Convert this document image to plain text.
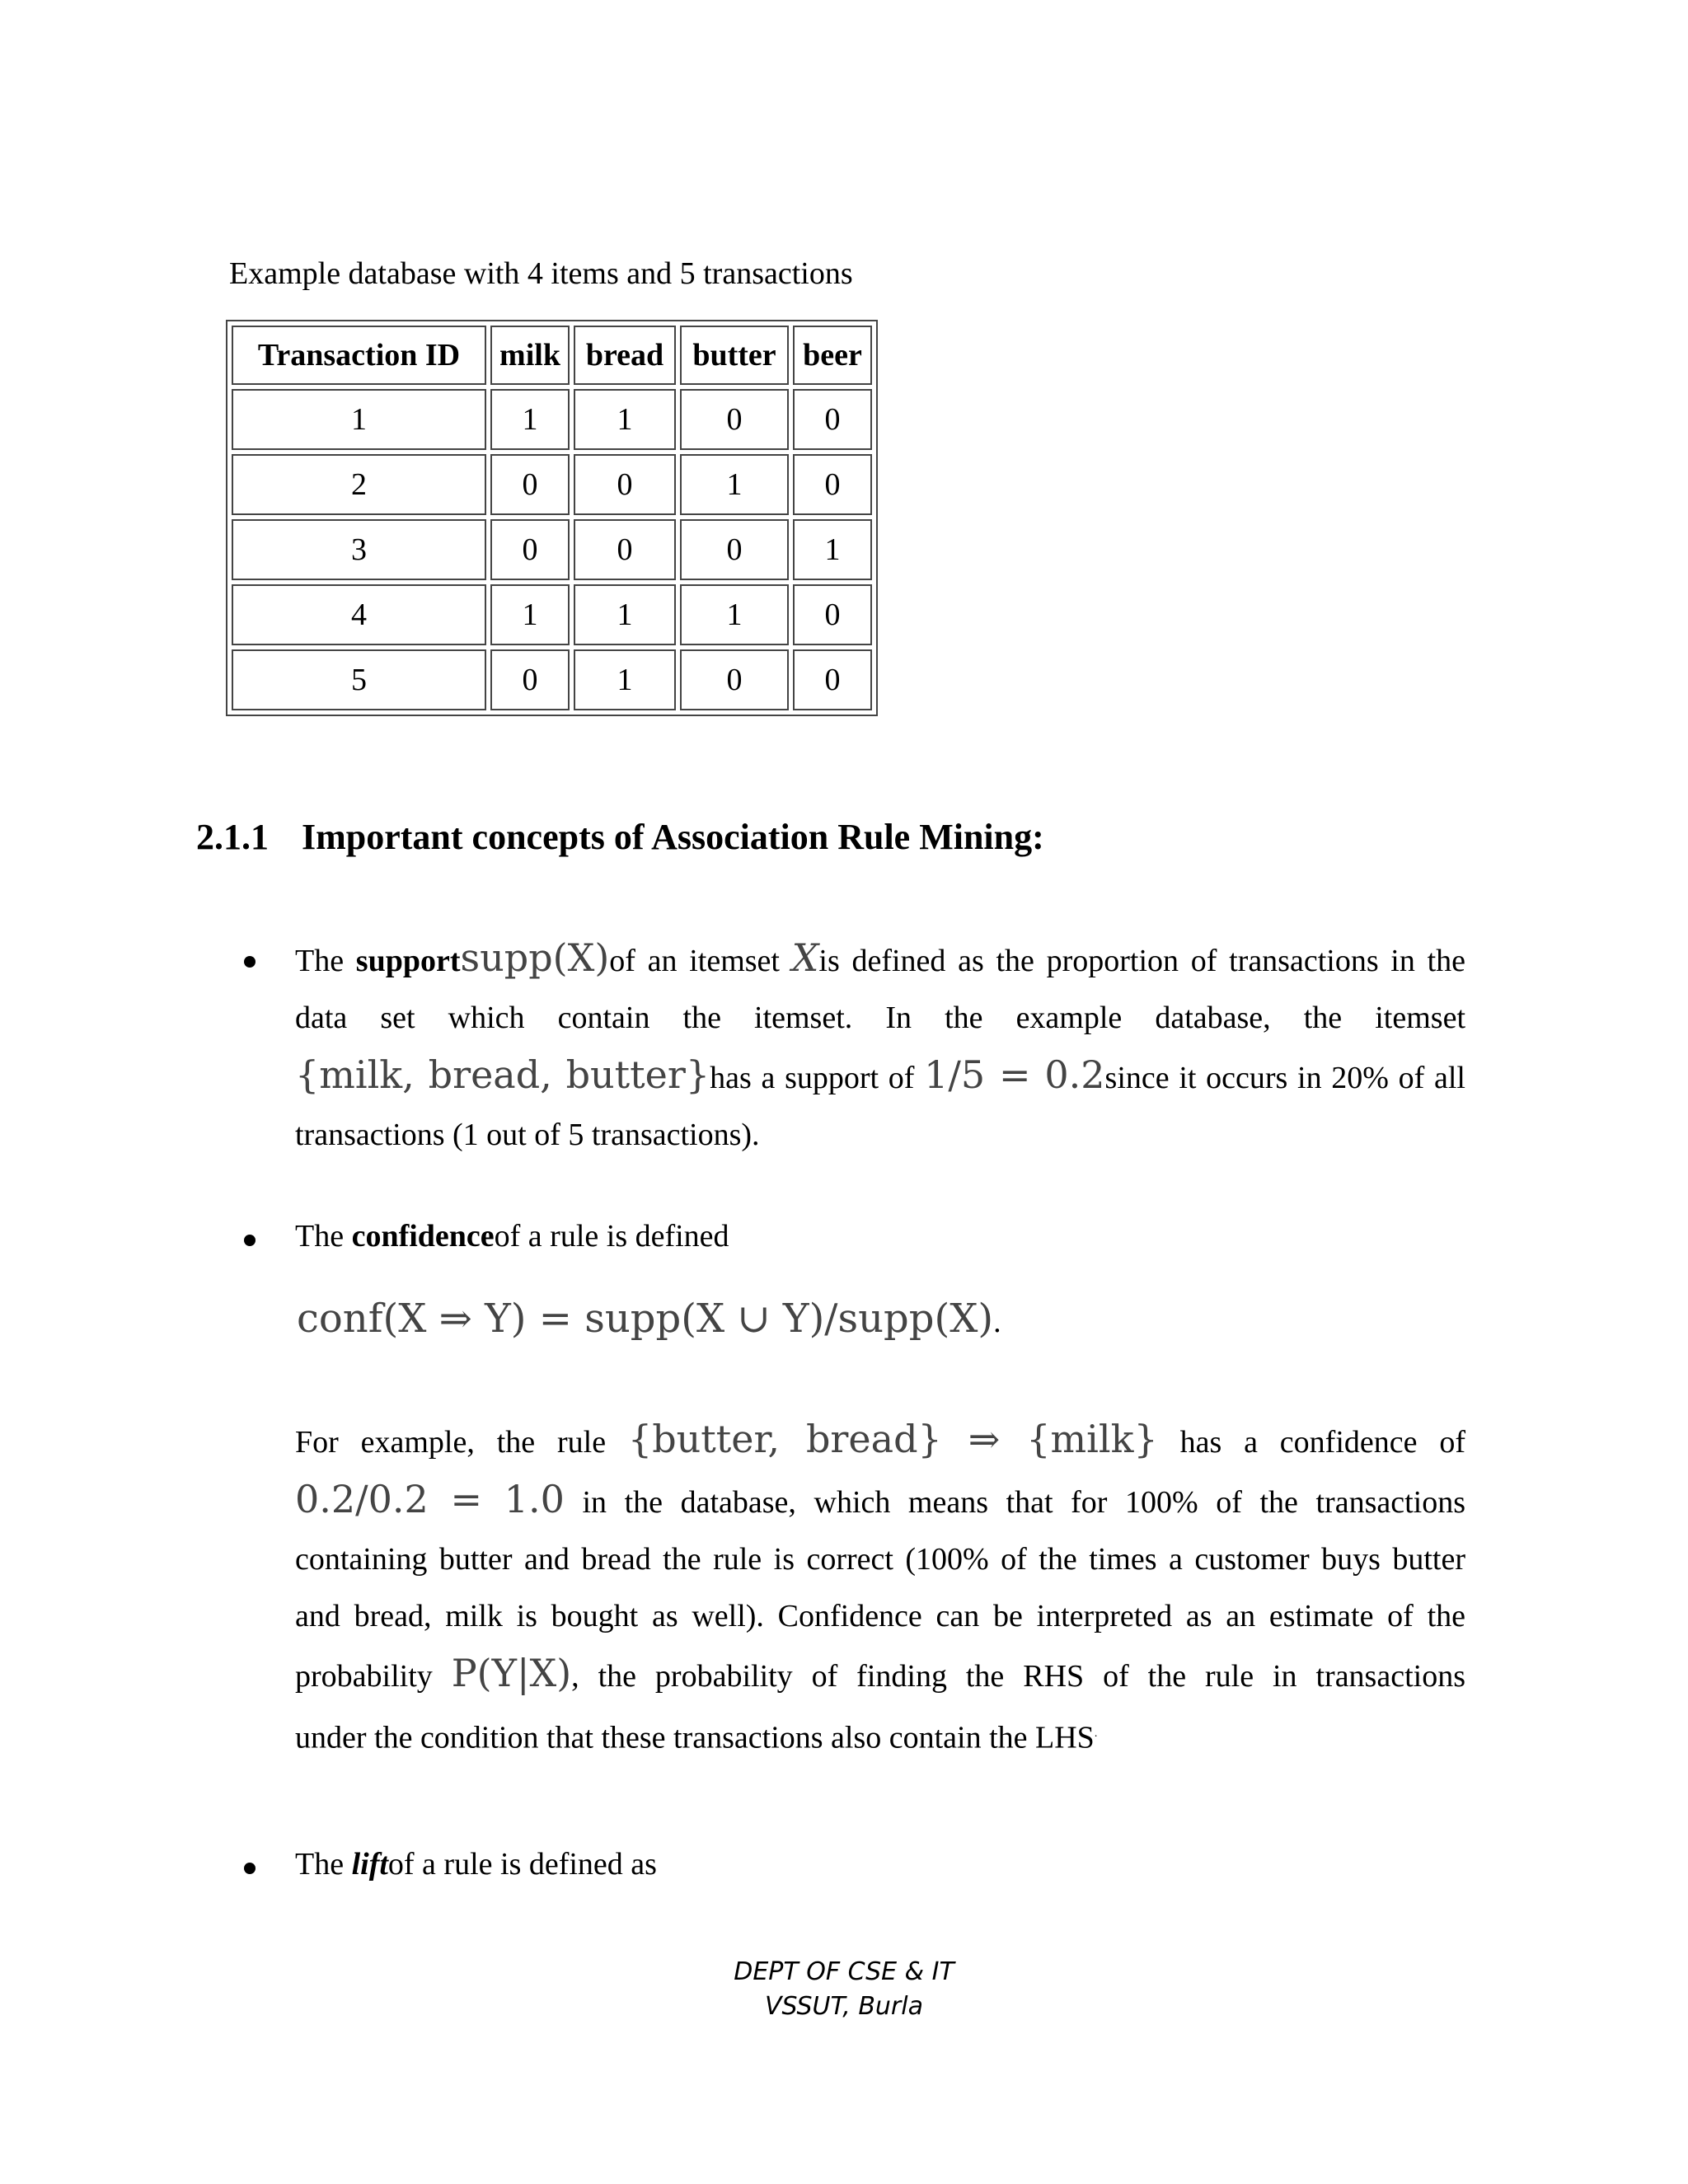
Example database with 4 items and 5 transactions
Transaction ID	milk	bread	butter	beer
1	1	1	0	0
2	0	0	1	0
3	0	0	0	1
4	1	1	1	0
5	0	1	0	0
2.1.1 Important concepts of Association Rule Mining:
The supportsupp(X)of an itemset Xis defined as the proportion of transactions in the
data set which contain the itemset. In the example database, the itemset
{milk, bread, butter}has a support of 1/5 = 0.2since it occurs in 20% of all
transactions (1 out of 5 transactions).
The confidenceof a rule is defined
conf(X ⇒ Y) = supp(X ∪ Y)/supp(X).
For example, the rule {butter, bread} ⇒ {milk} has a confidence of
0.2/0.2 = 1.0 in the database, which means that for 100% of the transactions
containing butter and bread the rule is correct (100% of the times a customer buys butter
and bread, milk is bought as well). Confidence can be interpreted as an estimate of the
probability P(Y|X), the probability of finding the RHS of the rule in transactions
under the condition that these transactions also contain the LHS.
The liftof a rule is defined as
DEPT OF CSE & IT
VSSUT, Burla
